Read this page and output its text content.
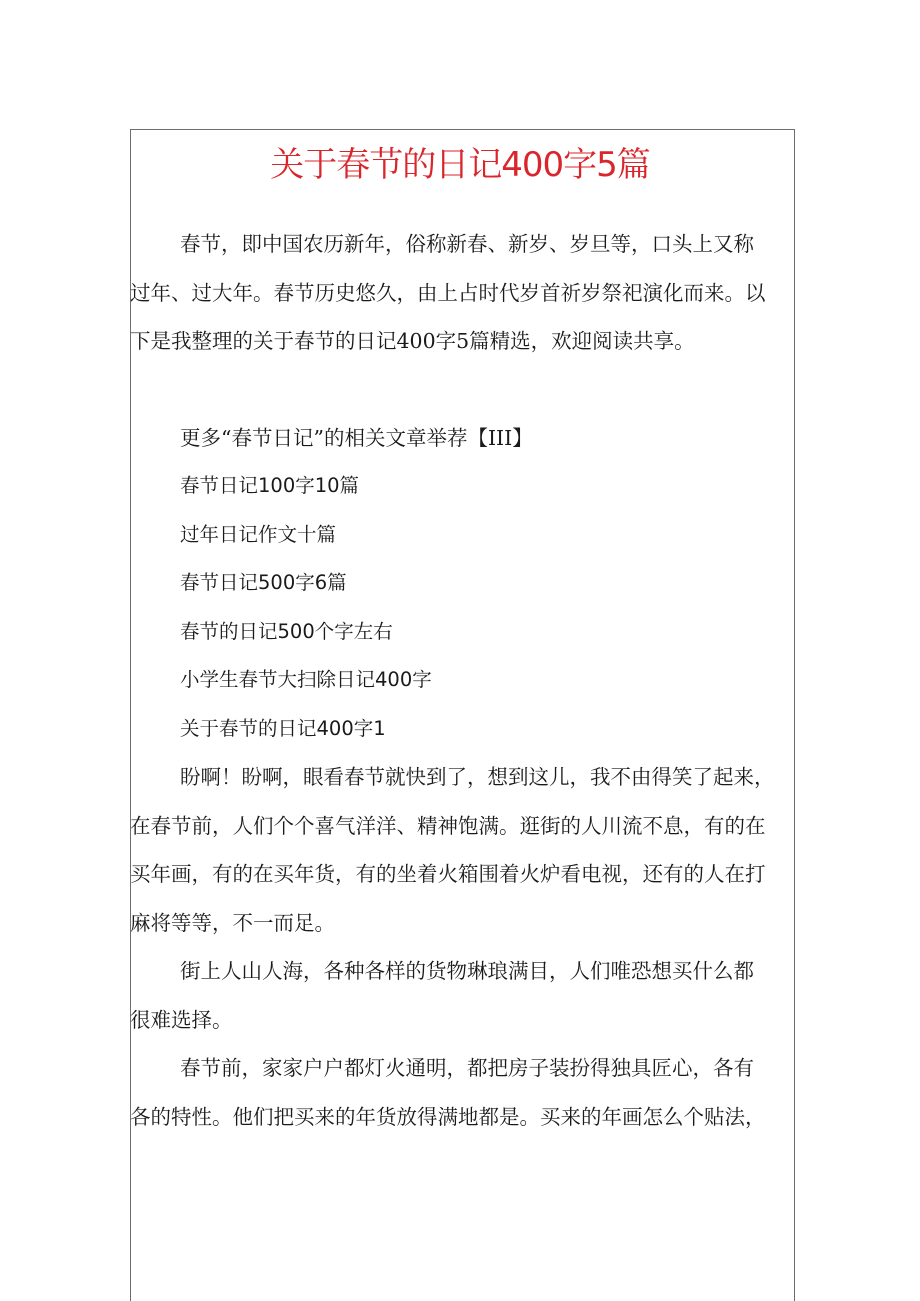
关于春节的日记400字5篇
春节，即中国农历新年，俗称新春、新岁、岁旦等，口头上又称
过年、过大年。春节历史悠久，由上占时代岁首祈岁祭祀演化而来。以
下是我整理的关于春节的日记400字5篇精选，欢迎阅读共享。
更多“春节日记”的相关文章举荐【III】
春节日记100字10篇
过年日记作文十篇
春节日记500字6篇
春节的日记500个字左右
小学生春节大扫除日记400字
关于春节的日记400字1
盼啊！盼啊，眼看春节就快到了，想到这儿，我不由得笑了起来，
在春节前，人们个个喜气洋洋、精神饱满。逛街的人川流不息，有的在
买年画，有的在买年货，有的坐着火箱围着火炉看电视，还有的人在打
麻将等等，不一而足。
街上人山人海，各种各样的货物琳琅满目，人们唯恐想买什么都
很难选择。
春节前，家家户户都灯火通明，都把房子装扮得独具匠心，各有
各的特性。他们把买来的年货放得满地都是。买来的年画怎么个贴法，
